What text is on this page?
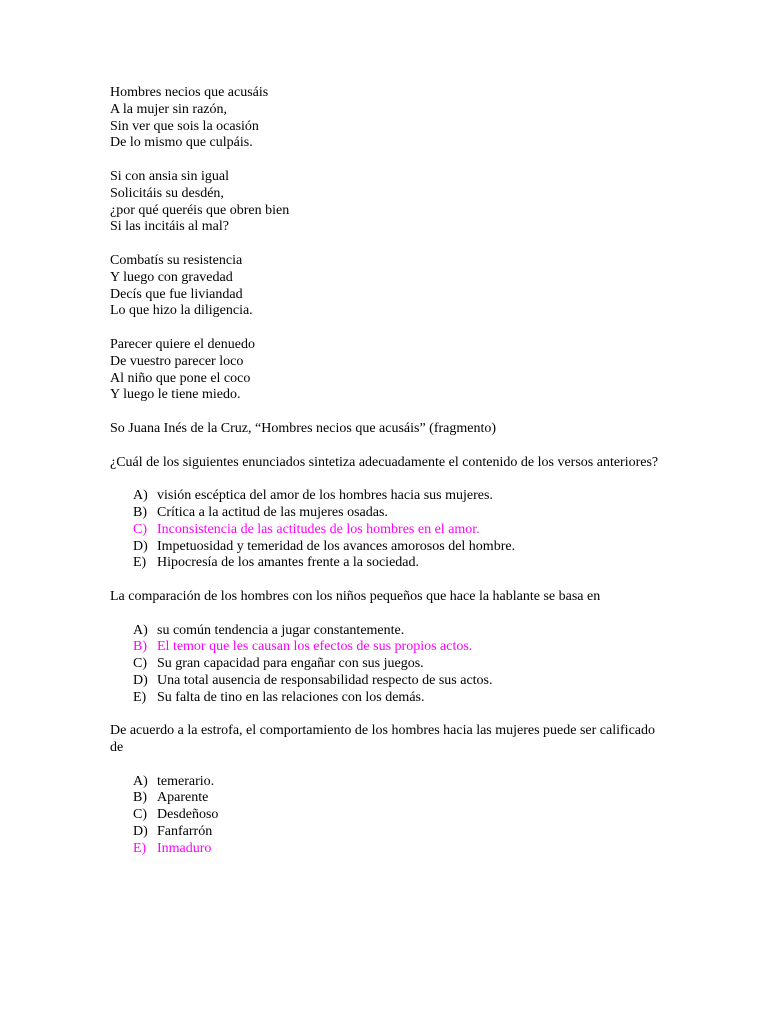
Hombres necios que acusáis
A la mujer sin razón,
Sin ver que sois la ocasión
De lo mismo que culpáis.
Si con ansia sin igual
Solicitáis su desdén,
¿por qué queréis que obren bien
Si las incitáis al mal?
Combatís su resistencia
Y luego con gravedad
Decís que fue liviandad
Lo que hizo la diligencia.
Parecer quiere el denuedo
De vuestro parecer loco
Al niño que pone el coco
Y luego le tiene miedo.

So Juana Inés de la Cruz, “Hombres necios que acusáis” (fragmento)

¿Cuál de los siguientes enunciados sintetiza adecuadamente el contenido de los versos anteriores?

A) visión escéptica del amor de los hombres hacia sus mujeres.
B) Crítica a la actitud de las mujeres osadas.
C) Inconsistencia de las actitudes de los hombres en el amor.
D) Impetuosidad y temeridad de los avances amorosos del hombre.
E) Hipocresía de los amantes frente a la sociedad.

La comparación de los hombres con los niños pequeños que hace la hablante se basa en

A) su común tendencia a jugar constantemente.
B) El temor que les causan los efectos de sus propios actos.
C) Su gran capacidad para engañar con sus juegos.
D) Una total ausencia de responsabilidad respecto de sus actos.
E) Su falta de tino en las relaciones con los demás.

De acuerdo a la estrofa, el comportamiento de los hombres hacia las mujeres puede ser calificado de

A) temerario.
B) Aparente
C) Desdeñoso
D) Fanfarrón
E) Inmaduro
